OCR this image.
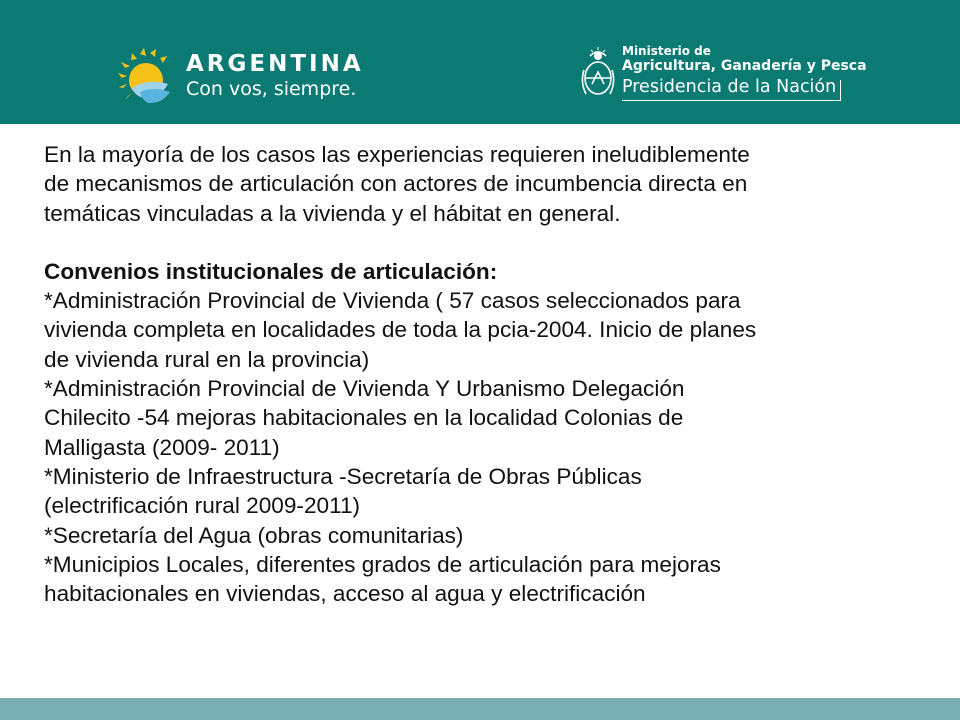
ARGENTINA
Con vos, siempre.
Ministerio de
Agricultura, Ganadería y Pesca
Presidencia de la Nación

En la mayoría de los casos las experiencias requieren ineludiblemente
de mecanismos de articulación con actores de incumbencia directa en
temáticas vinculadas a la vivienda y el hábitat en general.

Convenios institucionales de articulación:

*Administración Provincial de Vivienda ( 57 casos seleccionados para
vivienda completa en localidades de toda la pcia-2004. Inicio de planes
de vivienda rural en la provincia)

*Administración Provincial de Vivienda Y Urbanismo Delegación
Chilecito -54 mejoras habitacionales en la localidad Colonias de
Malligasta (2009- 2011)

*Ministerio de Infraestructura -Secretaría de Obras Públicas
(electrificación rural 2009-2011)

*Secretaría del Agua (obras comunitarias)

*Municipios Locales, diferentes grados de articulación para mejoras
habitacionales en viviendas, acceso al agua y electrificación
